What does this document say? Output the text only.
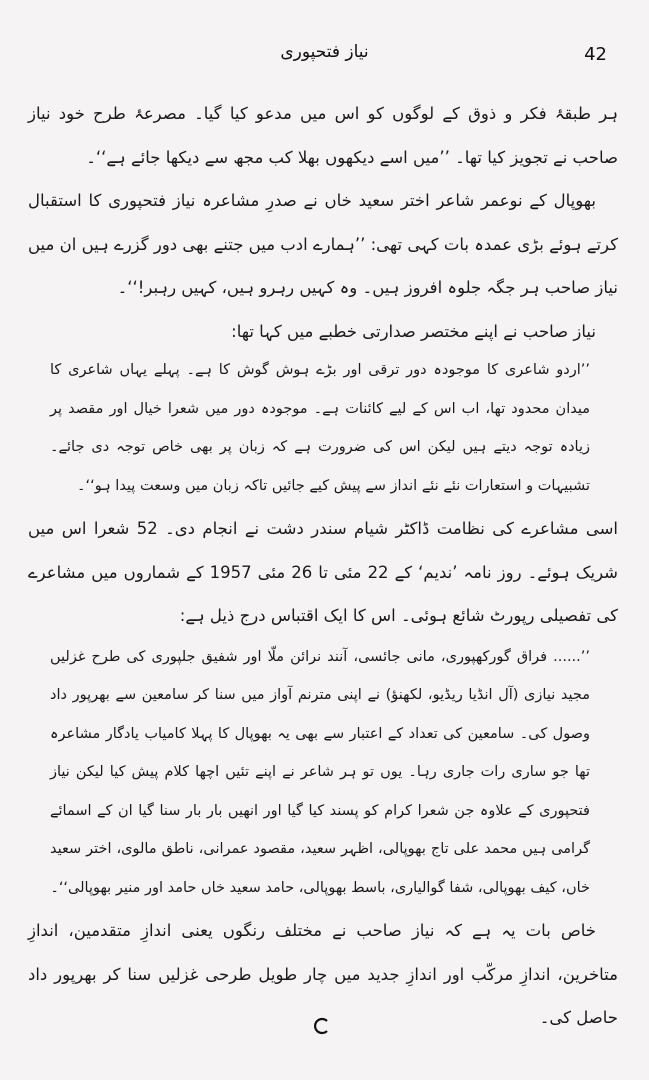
42
نیاز فتحپوری

ہر طبقۂ فکر و ذوق کے لوگوں کو اس میں مدعو کیا گیا۔ مصرعۂ طرح خود نیاز صاحب نے تجویز کیا تھا۔ ’’میں اسے دیکھوں بھلا کب مجھ سے دیکھا جائے ہے‘‘۔

بھوپال کے نوعمر شاعر اختر سعید خاں نے صدرِ مشاعرہ نیاز فتحپوری کا استقبال کرتے ہوئے بڑی عمدہ بات کہی تھی: ’’ہمارے ادب میں جتنے بھی دور گزرے ہیں ان میں نیاز صاحب ہر جگہ جلوہ افروز ہیں۔ وہ کہیں رہرو ہیں، کہیں رہبر!‘‘۔

نیاز صاحب نے اپنے مختصر صدارتی خطبے میں کہا تھا:

’’اردو شاعری کا موجودہ دور ترقی اور بڑے ہوش گوش کا ہے۔ پہلے یہاں شاعری کا میدان محدود تھا، اب اس کے لیے کائنات ہے۔ موجودہ دور میں شعرا خیال اور مقصد پر زیادہ توجہ دیتے ہیں لیکن اس کی ضرورت ہے کہ زبان پر بھی خاص توجہ دی جائے۔ تشبیہات و استعارات نئے نئے انداز سے پیش کیے جائیں تاکہ زبان میں وسعت پیدا ہو‘‘۔

اسی مشاعرے کی نظامت ڈاکٹر شیام سندر دشت نے انجام دی۔ 52 شعرا اس میں شریک ہوئے۔ روز نامہ ’ندیم‘ کے 22 مئی تا 26 مئی 1957 کے شماروں میں مشاعرے کی تفصیلی رپورٹ شائع ہوئی۔ اس کا ایک اقتباس درج ذیل ہے:

’’...... فراق گورکھپوری، مانی جائسی، آنند نرائن ملّا اور شفیق جلپوری کی طرح غزلیں مجید نیازی (آل انڈیا ریڈیو، لکھنؤ) نے اپنی مترنم آواز میں سنا کر سامعین سے بھرپور داد وصول کی۔ سامعین کی تعداد کے اعتبار سے بھی یہ بھوپال کا پہلا کامیاب یادگار مشاعرہ تھا جو ساری رات جاری رہا۔ یوں تو ہر شاعر نے اپنے تئیں اچھا کلام پیش کیا لیکن نیاز فتحپوری کے علاوہ جن شعرا کرام کو پسند کیا گیا اور انھیں بار بار سنا گیا ان کے اسمائے گرامی ہیں محمد علی تاج بھوپالی، اظہر سعید، مقصود عمرانی، ناطق مالوی، اختر سعید خاں، کیف بھوپالی، شفا گوالیاری، باسط بھوپالی، حامد سعید خاں حامد اور منیر بھوپالی‘‘۔

خاص بات یہ ہے کہ نیاز صاحب نے مختلف رنگوں یعنی اندازِ متقدمین، اندازِ متاخرین، اندازِ مرکّب اور اندازِ جدید میں چار طویل طرحی غزلیں سنا کر بھرپور داد حاصل کی۔
